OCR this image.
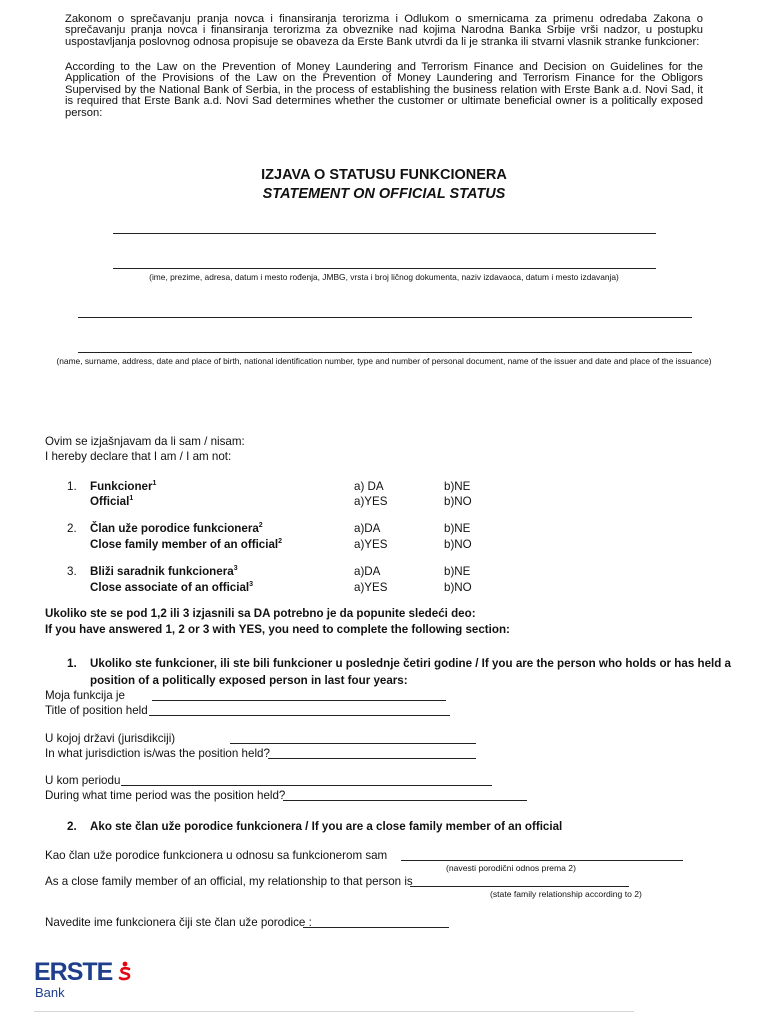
Zakonom o sprečavanju pranja novca i finansiranja terorizma i Odlukom o smernicama za primenu odredaba Zakona o sprečavanju pranja novca i finansiranja terorizma za obveznike nad kojima Narodna Banka Srbije vrši nadzor, u postupku uspostavljanja poslovnog odnosa propisuje se obaveza da Erste Bank utvrdi da li je stranka ili stvarni vlasnik stranke funkcioner:
According to the Law on the Prevention of Money Laundering and Terrorism Finance and Decision on Guidelines for the Application of the Provisions of the Law on the Prevention of Money Laundering and Terrorism Finance for the Obligors Supervised by the National Bank of Serbia, in the process of establishing the business relation with Erste Bank a.d. Novi Sad, it is required that Erste Bank a.d. Novi Sad determines whether the customer or ultimate beneficial owner is a politically exposed person:
IZJAVA O STATUSU FUNKCIONERA
STATEMENT ON OFFICIAL STATUS
(ime, prezime, adresa, datum i mesto rođenja, JMBG, vrsta i broj ličnog dokumenta, naziv izdavaoca, datum i mesto izdavanja)
(name, surname, address, date and place of birth, national identification number, type and number of personal document, name of the issuer and date and place of the issuance)
Ovim se izjašnjavam da li sam / nisam:
I hereby declare that I am / I am not:
1. Funkcioner$^1$
Official$^1$
a) DA
a)YES
b)NE
b)NO
2. Član uže porodice funkcionera$^2$
Close family member of an official$^2$
a)DA
a)YES
b)NE
b)NO
3. Bliži saradnik funkcionera$^3$
Close associate of an official$^3$
a)DA
a)YES
b)NE
b)NO
Ukoliko ste se pod 1,2 ili 3 izjasnili sa DA potrebno je da popunite sledeći deo:
If you have answered 1, 2 or 3 with YES, you need to complete the following section:
1. Ukoliko ste funkcioner, ili ste bili funkcioner u poslednje četiri godine / If you are the person who holds or has held a
position of a politically exposed person in last four years:
Moja funkcija je
Title of position held
U kojoj državi (jurisdikciji)
In what jurisdiction is/was the position held?
U kom periodu
During what time period was the position held?
2. Ako ste član uže porodice funkcionera / If you are a close family member of an official
Kao član uže porodice funkcionera u odnosu sa funkcionerom sam
(navesti porodični odnos prema 2)
As a close family member of an official, my relationship to that person is
(state family relationship according to 2)
Navedite ime funkcionera čiji ste član uže porodice :
ERSTE
Bank
